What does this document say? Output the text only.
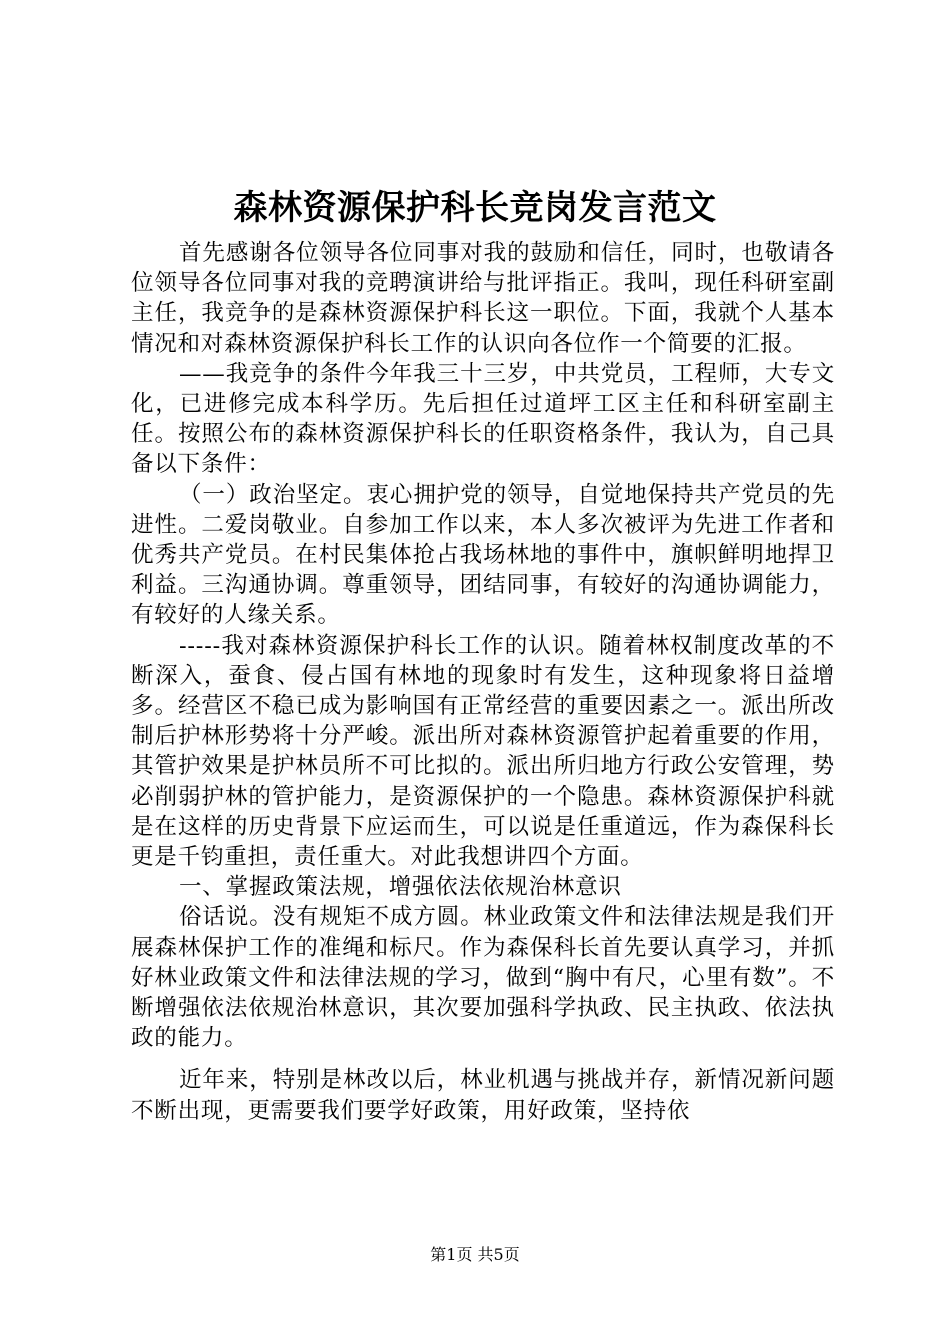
森林资源保护科长竞岗发言范文

首先感谢各位领导各位同事对我的鼓励和信任，同时，也敬请各位领导各位同事对我的竞聘演讲给与批评指正。我叫，现任科研室副主任，我竞争的是森林资源保护科长这一职位。下面，我就个人基本情况和对森林资源保护科长工作的认识向各位作一个简要的汇报。

——我竞争的条件今年我三十三岁，中共党员，工程师，大专文化，已进修完成本科学历。先后担任过道坪工区主任和科研室副主任。按照公布的森林资源保护科长的任职资格条件，我认为，自己具备以下条件：

（一）政治坚定。衷心拥护党的领导，自觉地保持共产党员的先进性。二爱岗敬业。自参加工作以来，本人多次被评为先进工作者和优秀共产党员。在村民集体抢占我场林地的事件中，旗帜鲜明地捍卫利益。三沟通协调。尊重领导，团结同事，有较好的沟通协调能力，有较好的人缘关系。

-----我对森林资源保护科长工作的认识。随着林权制度改革的不断深入，蚕食、侵占国有林地的现象时有发生，这种现象将日益增多。经营区不稳已成为影响国有正常经营的重要因素之一。派出所改制后护林形势将十分严峻。派出所对森林资源管护起着重要的作用，其管护效果是护林员所不可比拟的。派出所归地方行政公安管理，势必削弱护林的管护能力，是资源保护的一个隐患。森林资源保护科就是在这样的历史背景下应运而生，可以说是任重道远，作为森保科长更是千钧重担，责任重大。对此我想讲四个方面。

一、掌握政策法规，增强依法依规治林意识

俗话说。没有规矩不成方圆。林业政策文件和法律法规是我们开展森林保护工作的准绳和标尺。作为森保科长首先要认真学习，并抓好林业政策文件和法律法规的学习，做到“胸中有尺，心里有数”。不断增强依法依规治林意识，其次要加强科学执政、民主执政、依法执政的能力。

近年来，特别是林改以后，林业机遇与挑战并存，新情况新问题不断出现，更需要我们要学好政策，用好政策，坚持依

第1页 共5页
